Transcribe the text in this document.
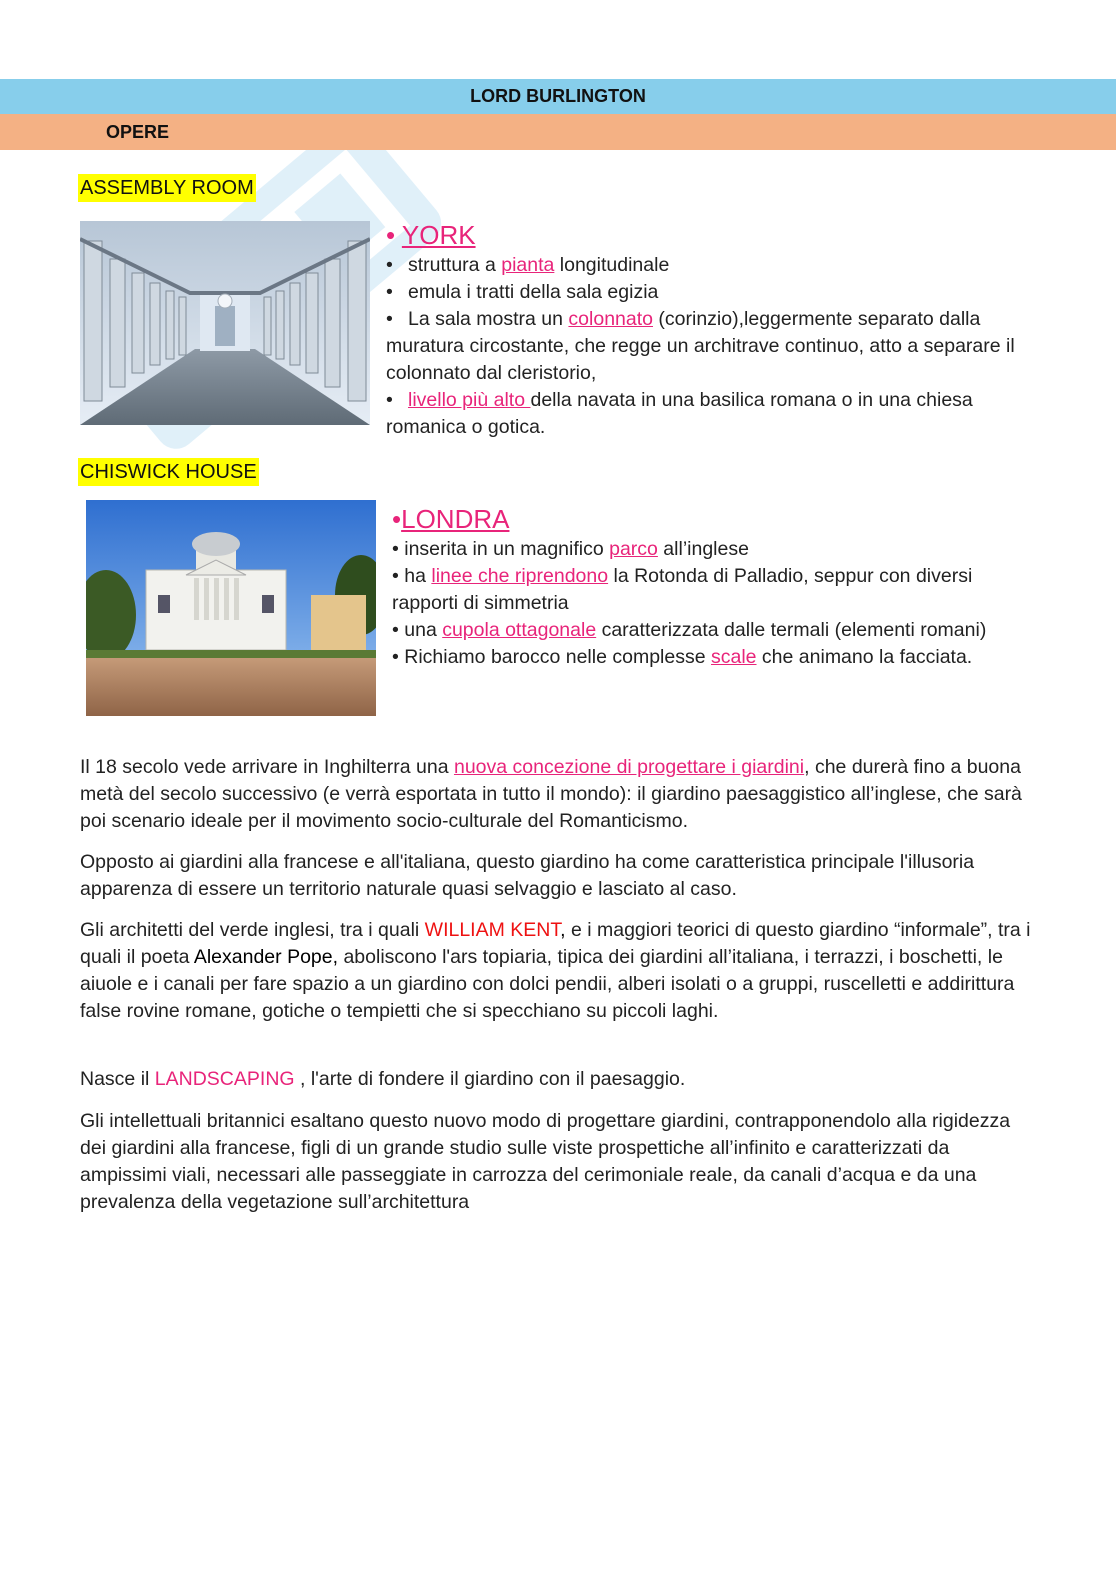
LORD BURLINGTON
OPERE
ASSEMBLY ROOM
• YORK
• struttura a pianta longitudinale
• emula i tratti della sala egizia
• La sala mostra un colonnato (corinzio),leggermente separato dalla muratura circostante, che regge un architrave continuo, atto a separare il colonnato dal cleristorio,
• livello più alto della navata in una basilica romana o in una chiesa romanica o gotica.
CHISWICK HOUSE
•LONDRA
• inserita in un magnifico parco all’inglese
• ha linee che riprendono la Rotonda di Palladio, seppur con diversi rapporti di simmetria
• una cupola ottagonale caratterizzata dalle termali (elementi romani)
• Richiamo barocco nelle complesse scale che animano la facciata.

Il 18 secolo vede arrivare in Inghilterra una nuova concezione di progettare i giardini, che durerà fino a buona metà del secolo successivo (e verrà esportata in tutto il mondo): il giardino paesaggistico all’inglese, che sarà poi scenario ideale per il movimento socio-culturale del Romanticismo.

Opposto ai giardini alla francese e all'italiana, questo giardino ha come caratteristica principale l'illusoria apparenza di essere un territorio naturale quasi selvaggio e lasciato al caso.

Gli architetti del verde inglesi, tra i quali WILLIAM KENT, e i maggiori teorici di questo giardino “informale”, tra i quali il poeta Alexander Pope, aboliscono l'ars topiaria, tipica dei giardini all’italiana, i terrazzi, i boschetti, le aiuole e i canali per fare spazio a un giardino con dolci pendii, alberi isolati o a gruppi, ruscelletti e addirittura false rovine romane, gotiche o tempietti che si specchiano su piccoli laghi.

Nasce il LANDSCAPING , l'arte di fondere il giardino con il paesaggio.

Gli intellettuali britannici esaltano questo nuovo modo di progettare giardini, contrapponendolo alla rigidezza dei giardini alla francese, figli di un grande studio sulle viste prospettiche all’infinito e caratterizzati da ampissimi viali, necessari alle passeggiate in carrozza del cerimoniale reale, da canali d’acqua e da una prevalenza della vegetazione sull’architettura
